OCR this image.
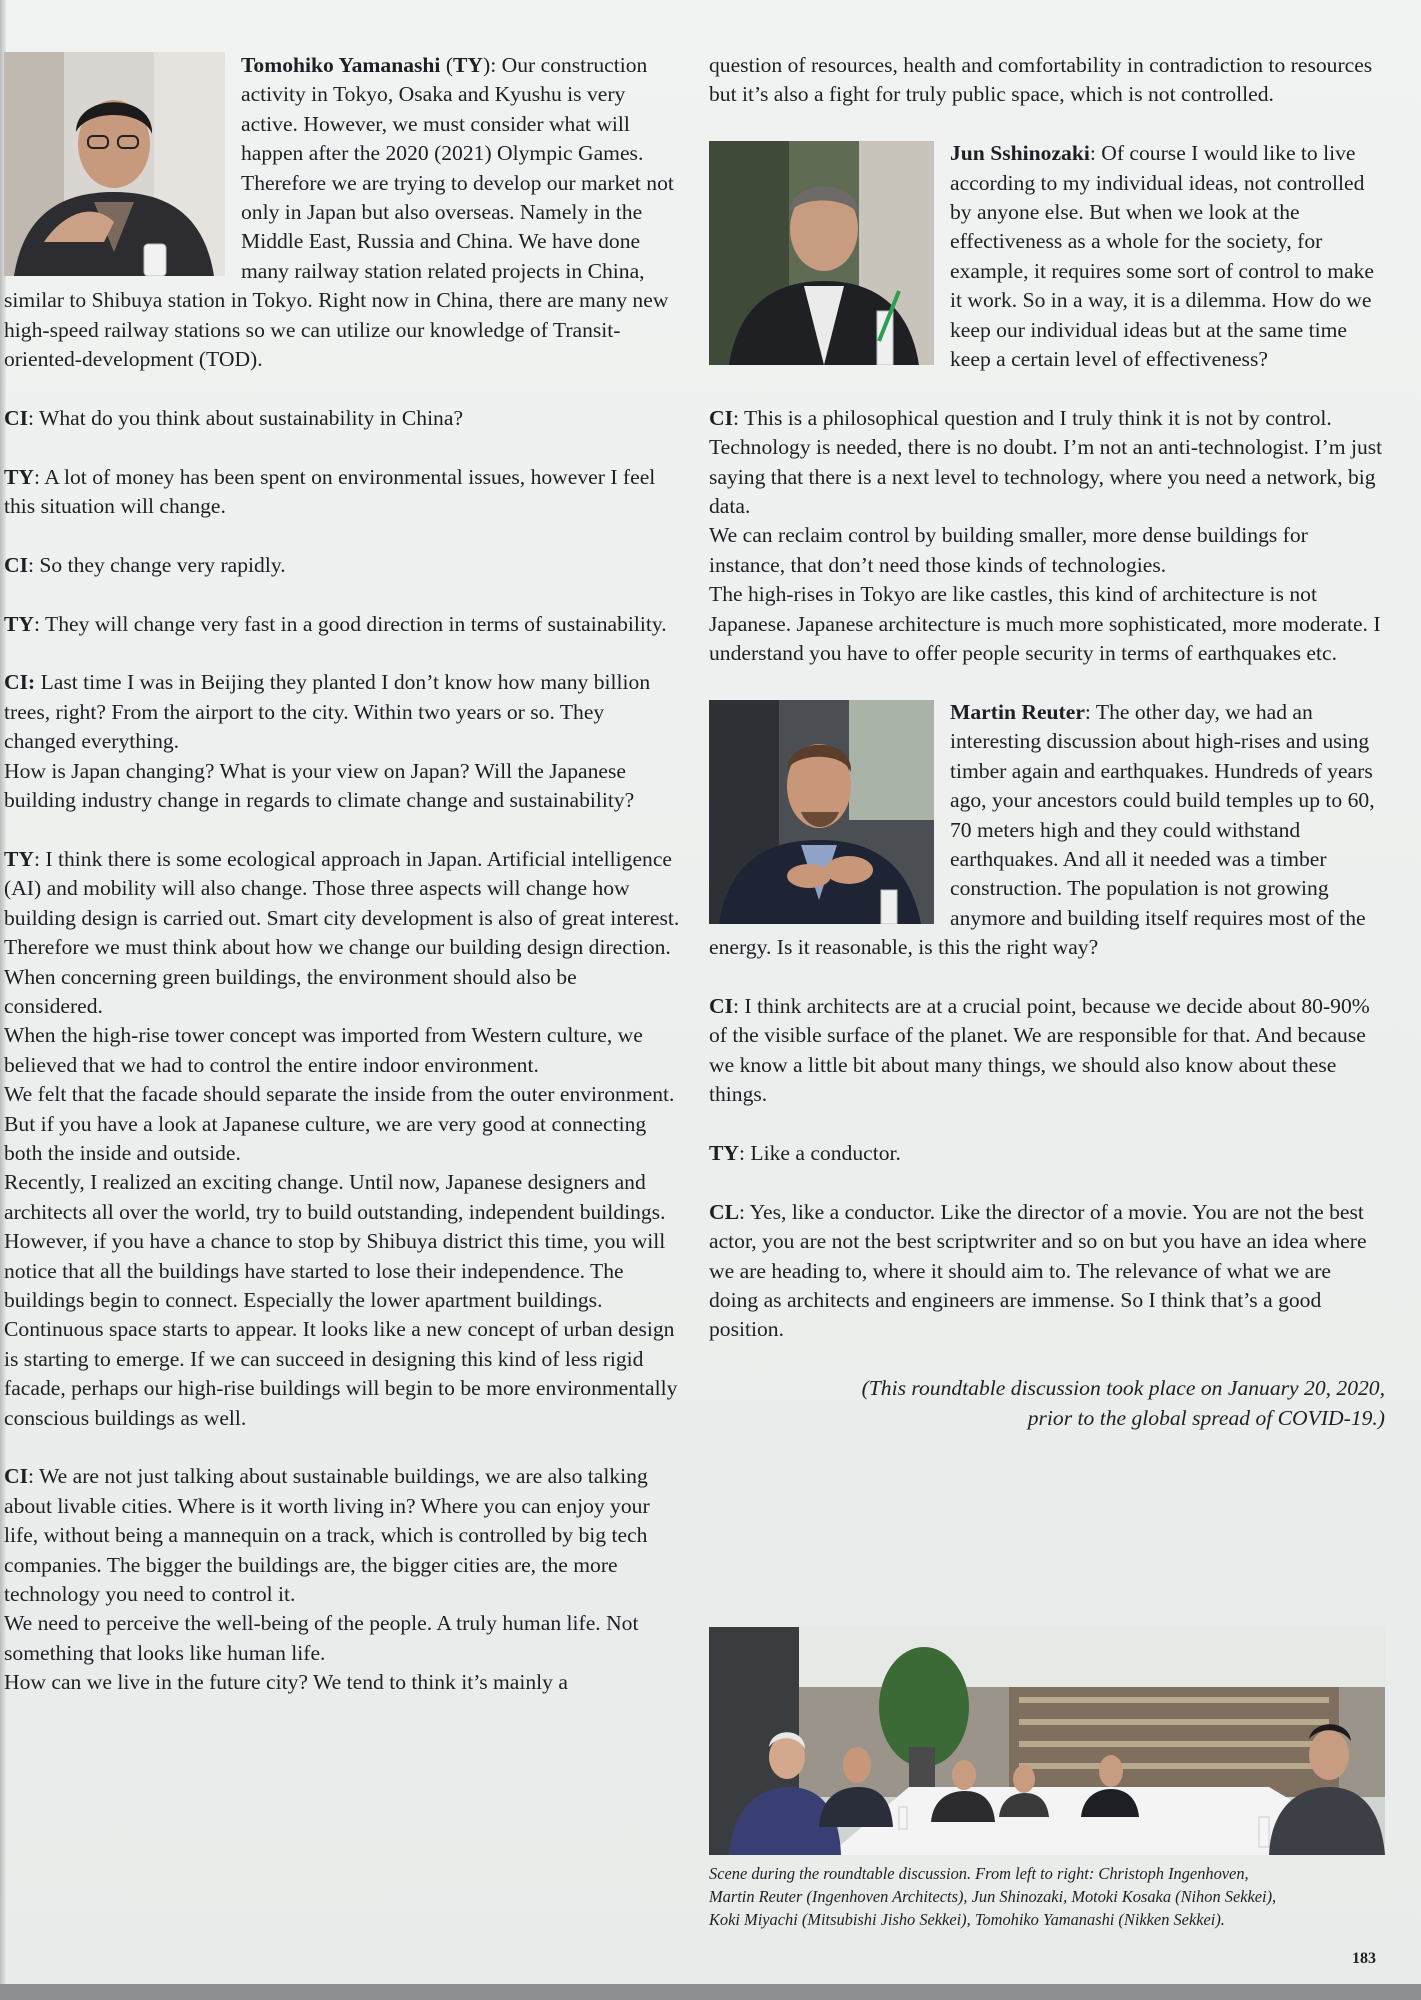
Tomohiko Yamanashi (TY): Our construction activity in Tokyo, Osaka and Kyushu is very active. However, we must consider what will happen after the 2020 (2021) Olympic Games. Therefore we are trying to develop our market not only in Japan but also overseas. Namely in the Middle East, Russia and China. We have done many railway station related projects in China, similar to Shibuya station in Tokyo. Right now in China, there are many new high-speed railway stations so we can utilize our knowledge of Transit-oriented-development (TOD).

CI: What do you think about sustainability in China?

TY: A lot of money has been spent on environmental issues, however I feel this situation will change.

CI: So they change very rapidly.

TY: They will change very fast in a good direction in terms of sustainability.

CI: Last time I was in Beijing they planted I don’t know how many billion trees, right? From the airport to the city. Within two years or so. They changed everything.

How is Japan changing? What is your view on Japan? Will the Japanese building industry change in regards to climate change and sustainability?

TY: I think there is some ecological approach in Japan. Artificial intelligence (AI) and mobility will also change. Those three aspects will change how building design is carried out. Smart city development is also of great interest. Therefore we must think about how we change our building design direction.

When concerning green buildings, the environment should also be considered.

When the high-rise tower concept was imported from Western culture, we believed that we had to control the entire indoor environment.

We felt that the facade should separate the inside from the outer environment. But if you have a look at Japanese culture, we are very good at connecting both the inside and outside.

Recently, I realized an exciting change. Until now, Japanese designers and architects all over the world, try to build outstanding, independent buildings.

However, if you have a chance to stop by Shibuya district this time, you will notice that all the buildings have started to lose their independence. The buildings begin to connect. Especially the lower apartment buildings. Continuous space starts to appear. It looks like a new concept of urban design is starting to emerge. If we can succeed in designing this kind of less rigid facade, perhaps our high-rise buildings will begin to be more environmentally conscious buildings as well.

CI: We are not just talking about sustainable buildings, we are also talking about livable cities. Where is it worth living in? Where you can enjoy your life, without being a mannequin on a track, which is controlled by big tech companies. The bigger the buildings are, the bigger cities are, the more technology you need to control it.

We need to perceive the well-being of the people. A truly human life. Not something that looks like human life.

How can we live in the future city? We tend to think it’s mainly a

question of resources, health and comfortability in contradiction to resources but it’s also a fight for truly public space, which is not controlled.

Jun Sshinozaki: Of course I would like to live according to my individual ideas, not controlled by anyone else. But when we look at the effectiveness as a whole for the society, for example, it requires some sort of control to make it work. So in a way, it is a dilemma. How do we keep our individual ideas but at the same time keep a certain level of effectiveness?

CI: This is a philosophical question and I truly think it is not by control. Technology is needed, there is no doubt. I’m not an anti-technologist. I’m just saying that there is a next level to technology, where you need a network, big data.

We can reclaim control by building smaller, more dense buildings for instance, that don’t need those kinds of technologies.

The high-rises in Tokyo are like castles, this kind of architecture is not Japanese. Japanese architecture is much more sophisticated, more moderate. I understand you have to offer people security in terms of earthquakes etc.

Martin Reuter: The other day, we had an interesting discussion about high-rises and using timber again and earthquakes. Hundreds of years ago, your ancestors could build temples up to 60, 70 meters high and they could withstand earthquakes. And all it needed was a timber construction. The population is not growing anymore and building itself requires most of the energy. Is it reasonable, is this the right way?

CI: I think architects are at a crucial point, because we decide about 80-90% of the visible surface of the planet. We are responsible for that. And because we know a little bit about many things, we should also know about these things.

TY: Like a conductor.

CL: Yes, like a conductor. Like the director of a movie. You are not the best actor, you are not the best scriptwriter and so on but you have an idea where we are heading to, where it should aim to. The relevance of what we are doing as architects and engineers are immense. So I think that’s a good position.

(This roundtable discussion took place on January 20, 2020,
prior to the global spread of COVID-19.)

Scene during the roundtable discussion. From left to right: Christoph Ingenhoven,
Martin Reuter (Ingenhoven Architects), Jun Shinozaki, Motoki Kosaka (Nihon Sekkei),
Koki Miyachi (Mitsubishi Jisho Sekkei), Tomohiko Yamanashi (Nikken Sekkei).
183
